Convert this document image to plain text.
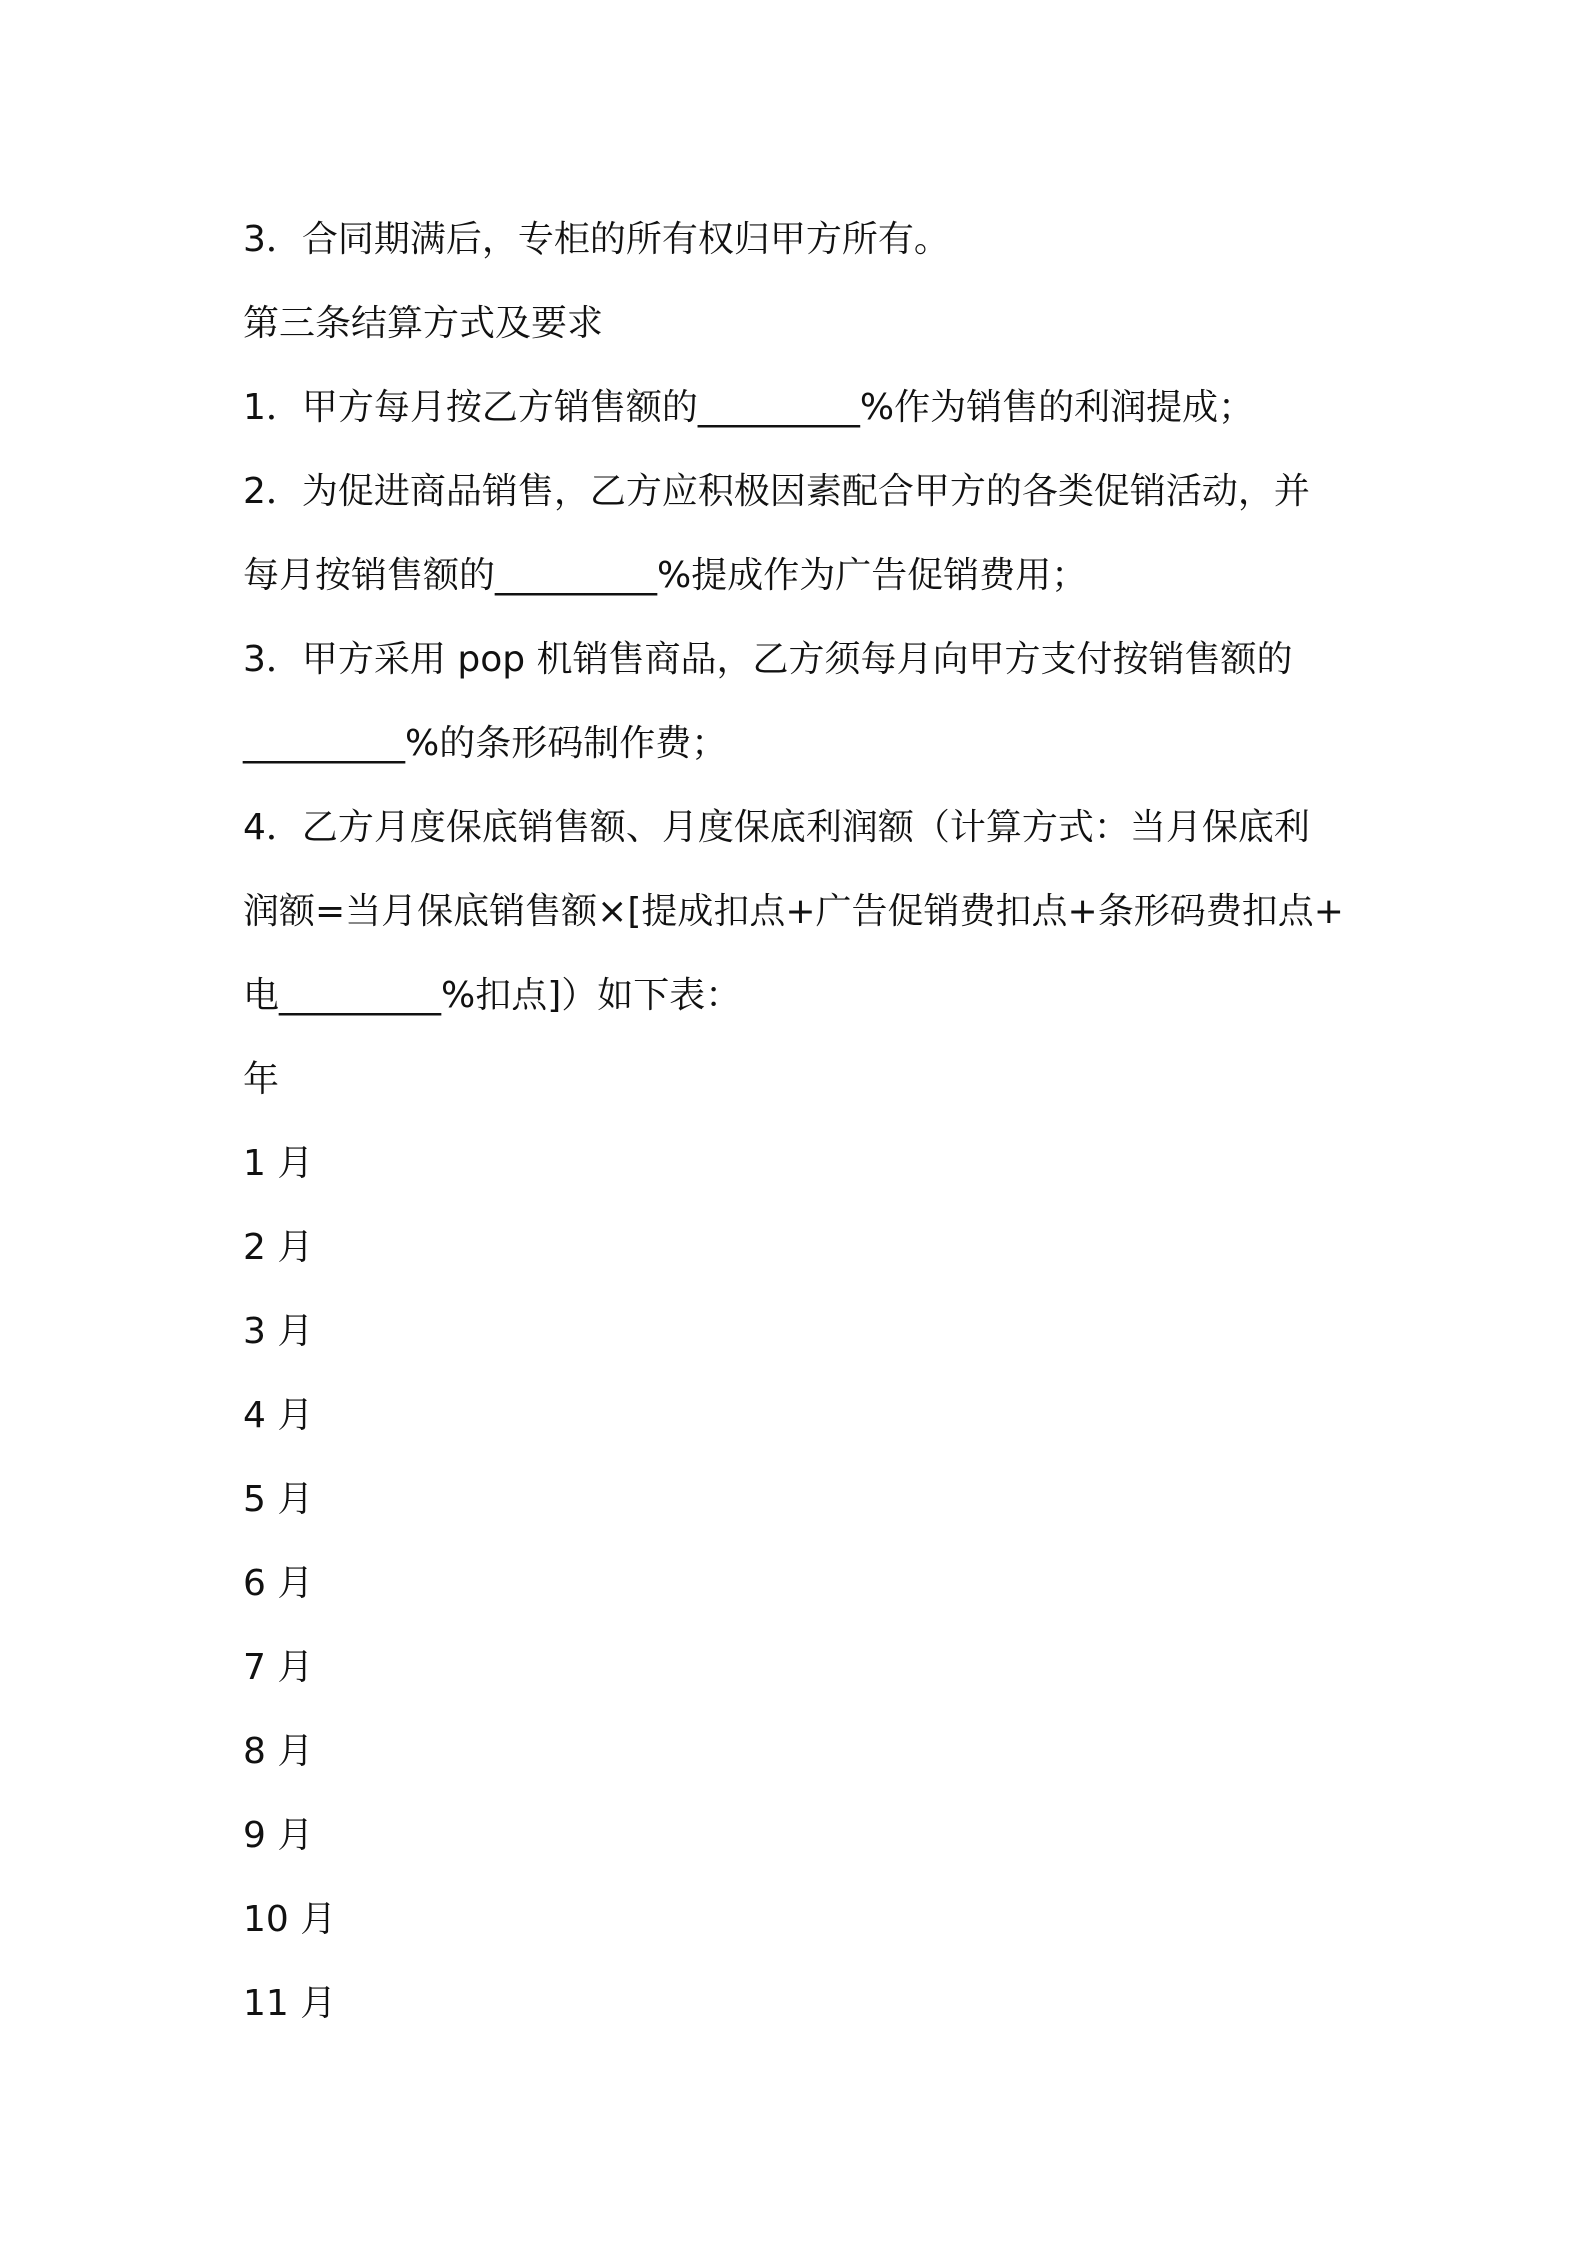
3．合同期满后，专柜的所有权归甲方所有。
第三条结算方式及要求
1．甲方每月按乙方销售额的_________%作为销售的利润提成；
2．为促进商品销售，乙方应积极因素配合甲方的各类促销活动，并
每月按销售额的_________%提成作为广告促销费用；
3．甲方采用 pop 机销售商品，乙方须每月向甲方支付按销售额的
_________%的条形码制作费；
4．乙方月度保底销售额、月度保底利润额（计算方式：当月保底利
润额=当月保底销售额×[提成扣点+广告促销费扣点+条形码费扣点+
电_________%扣点]）如下表：
年
1 月
2 月
3 月
4 月
5 月
6 月
7 月
8 月
9 月
10 月
11 月
